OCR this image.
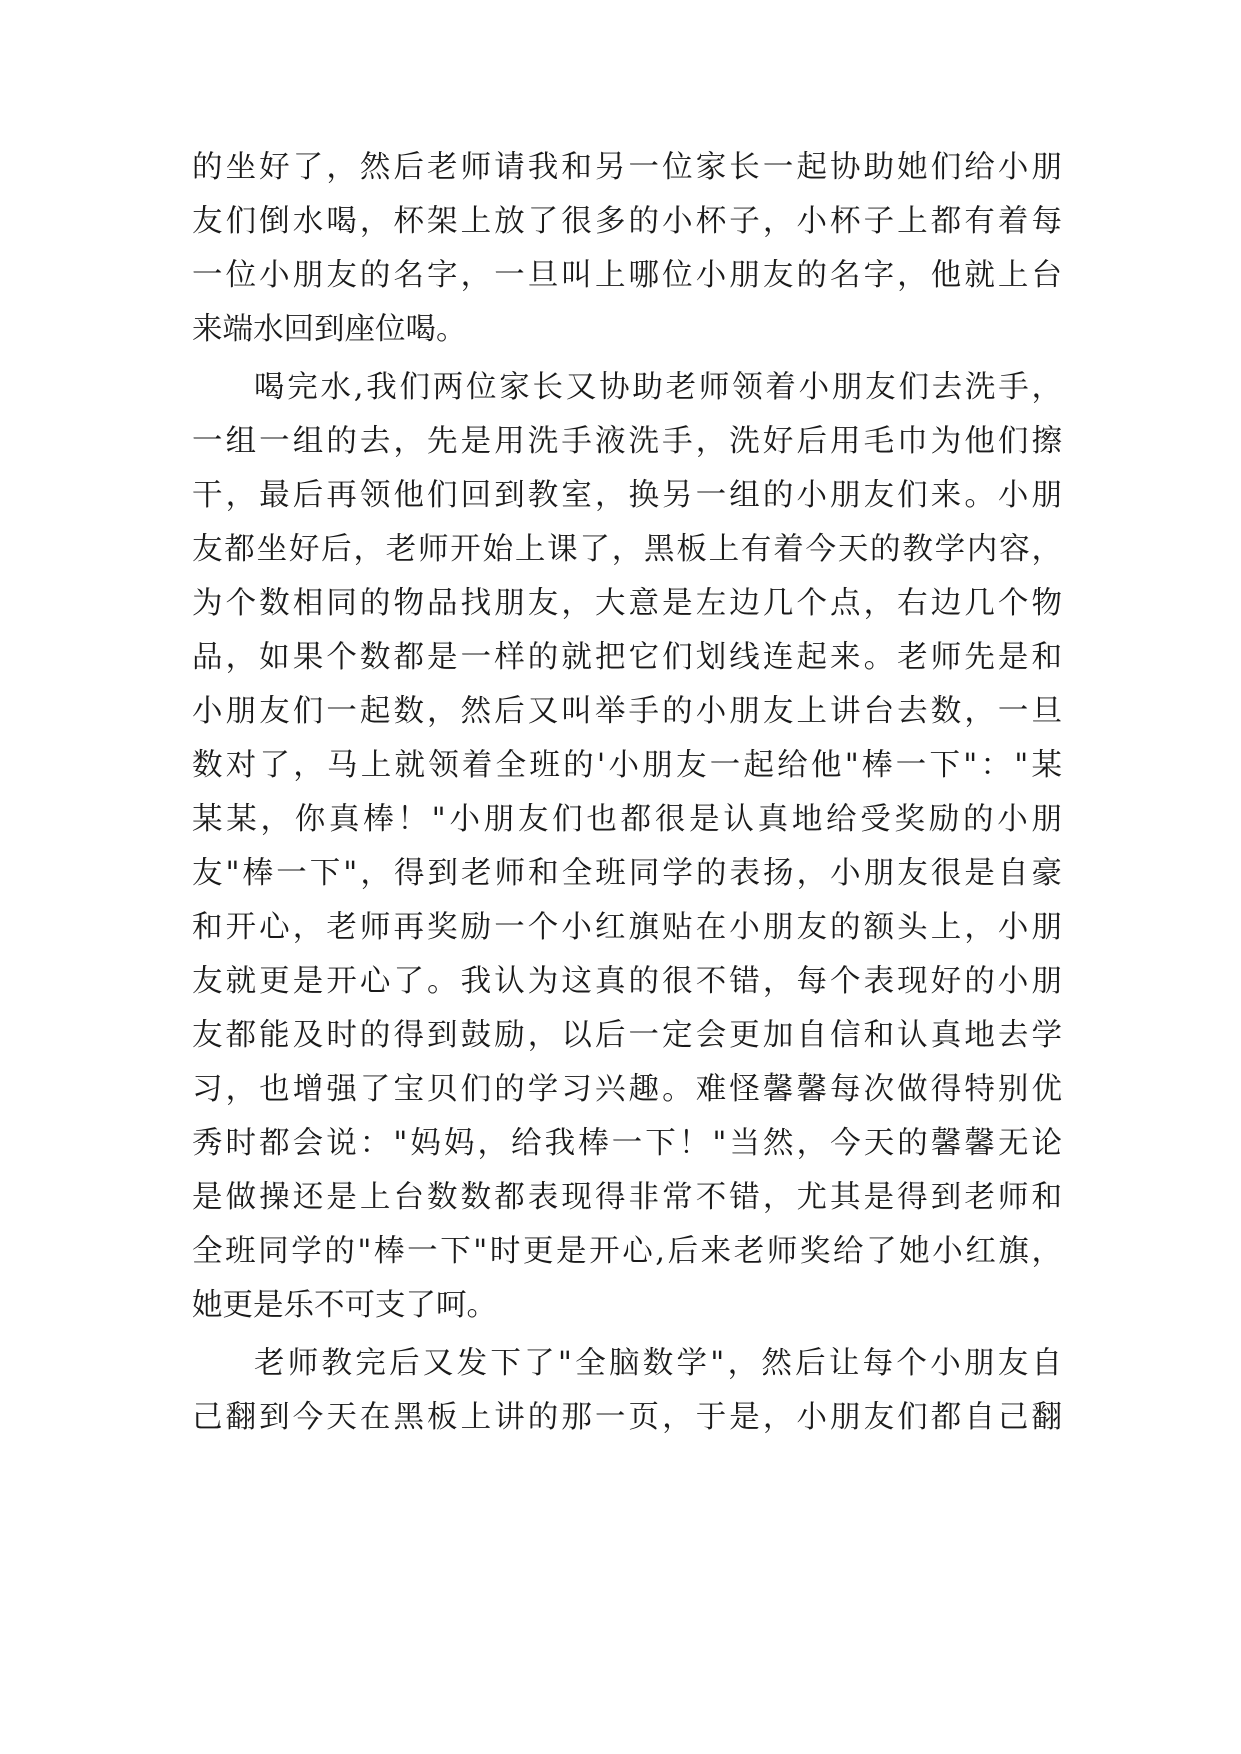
的坐好了，然后老师请我和另一位家长一起协助她们给小朋
友们倒水喝，杯架上放了很多的小杯子，小杯子上都有着每
一位小朋友的名字，一旦叫上哪位小朋友的名字，他就上台
来端水回到座位喝。
喝完水,我们两位家长又协助老师领着小朋友们去洗手，
一组一组的去，先是用洗手液洗手，洗好后用毛巾为他们擦
干，最后再领他们回到教室，换另一组的小朋友们来。小朋
友都坐好后，老师开始上课了，黑板上有着今天的教学内容，
为个数相同的物品找朋友，大意是左边几个点，右边几个物
品，如果个数都是一样的就把它们划线连起来。老师先是和
小朋友们一起数，然后又叫举手的小朋友上讲台去数，一旦
数对了，马上就领着全班的'小朋友一起给他"棒一下"："某
某某，你真棒！"小朋友们也都很是认真地给受奖励的小朋
友"棒一下"，得到老师和全班同学的表扬，小朋友很是自豪
和开心，老师再奖励一个小红旗贴在小朋友的额头上，小朋
友就更是开心了。我认为这真的很不错，每个表现好的小朋
友都能及时的得到鼓励，以后一定会更加自信和认真地去学
习，也增强了宝贝们的学习兴趣。难怪馨馨每次做得特别优
秀时都会说："妈妈，给我棒一下！"当然，今天的馨馨无论
是做操还是上台数数都表现得非常不错，尤其是得到老师和
全班同学的"棒一下"时更是开心,后来老师奖给了她小红旗，
她更是乐不可支了呵。
老师教完后又发下了"全脑数学"，然后让每个小朋友自
己翻到今天在黑板上讲的那一页，于是，小朋友们都自己翻
